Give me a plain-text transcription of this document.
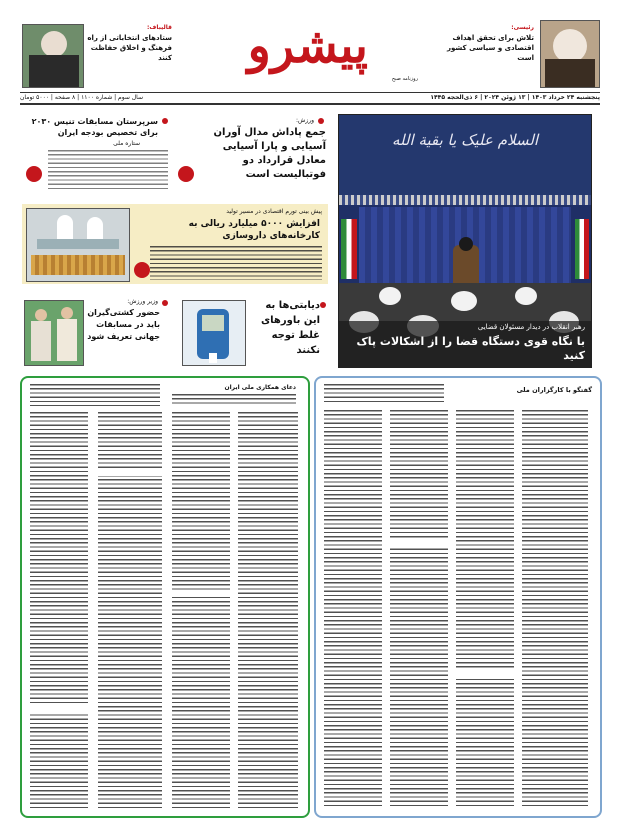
رئیسی:
تلاش برای تحقق اهداف اقتصادی و سیاسی کشور است
پیشرو
روزنامه صبح
قالیباف:
ستادهای انتخاباتی از راه فرهنگ و اخلاق حفاظت کنند
پنجشنبه ۲۴ خرداد ۱۴۰۳ | ۱۳ ژوئن ۲۰۲۴ | ۶ ذی‌الحجه ۱۴۴۵
سال سوم | شماره ۱۱۰۰ | ۸ صفحه | ۵۰۰۰ تومان
السلام علیک یا بقیة الله
رهبر انقلاب در دیدار مسئولان قضایی
با نگاه قوی دستگاه قضا را از اشکالات پاک کنید
ورزش:
جمع پاداش مدال آوران آسیایی و پارا آسیایی معادل قرارداد دو فوتبالیست است
سرپرستان مسابقات تنیس ۲۰۳۰ برای تخصیص بودجه ایران
ستاره ملی
پیش بینی تورم اقتصادی در مسیر تولید
افزایش ۵۰۰۰ میلیارد ریالی به کارخانه‌های داروسازی
دیابتی‌ها به این باورهای غلط توجه نکنند
وزیر ورزش:
حضور کشتی‌گیران باید در مسابقات جهانی تعریف شود
دعای همکاری ملی ایران	گفتگو با کارگزاران ملی
